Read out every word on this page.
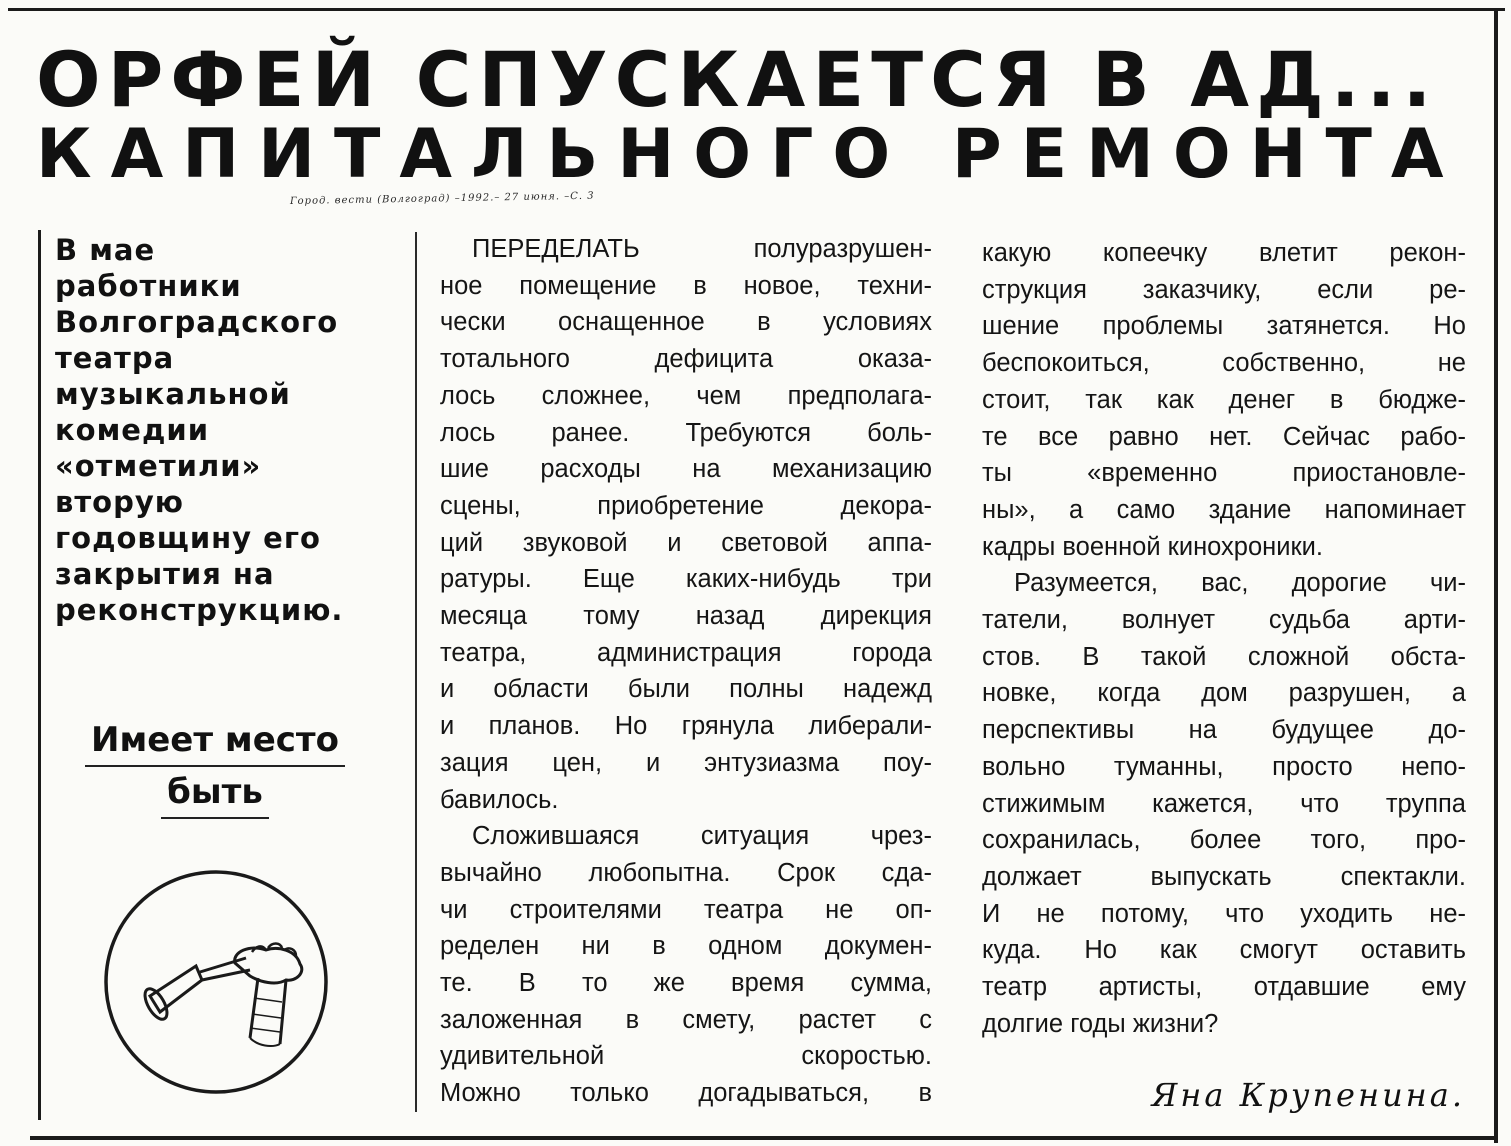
ОРФЕЙ СПУСКАЕТСЯ В АД...
КАПИТАЛЬНОГО РЕМОНТА
Город. вести (Волгоград) –1992.– 27 июня. –С. 3
В мае
работники
Волгоградского
театра
музыкальной
комедии
«отметили»
вторую
годовщину его
закрытия на
реконструкцию.
Имеет место
быть
ПЕРЕДЕЛАТЬ полуразрушен-
ное помещение в новое, техни-
чески оснащенное в условиях
тотального дефицита оказа-
лось сложнее, чем предполага-
лось ранее. Требуются боль-
шие расходы на механизацию
сцены, приобретение декора-
ций звуковой и световой аппа-
ратуры. Еще каких-нибудь три
месяца тому назад дирекция
театра, администрация города
и области были полны надежд
и планов. Но грянула либерали-
зация цен, и энтузиазма поу-
бавилось.
Сложившаяся ситуация чрез-
вычайно любопытна. Срок сда-
чи строителями театра не оп-
ределен ни в одном докумен-
те. В то же время сумма,
заложенная в смету, растет с
удивительной скоростью.
Можно только догадываться, в
какую копеечку влетит рекон-
струкция заказчику, если ре-
шение проблемы затянется. Но
беспокоиться, собственно, не
стоит, так как денег в бюдже-
те все равно нет. Сейчас рабо-
ты «временно приостановле-
ны», а само здание напоминает
кадры военной кинохроники.
Разумеется, вас, дорогие чи-
татели, волнует судьба арти-
стов. В такой сложной обста-
новке, когда дом разрушен, а
перспективы на будущее до-
вольно туманны, просто непо-
стижимым кажется, что труппа
сохранилась, более того, про-
должает выпускать спектакли.
И не потому, что уходить не-
куда. Но как смогут оставить
театр артисты, отдавшие ему
долгие годы жизни?
Яна Крупенина.
